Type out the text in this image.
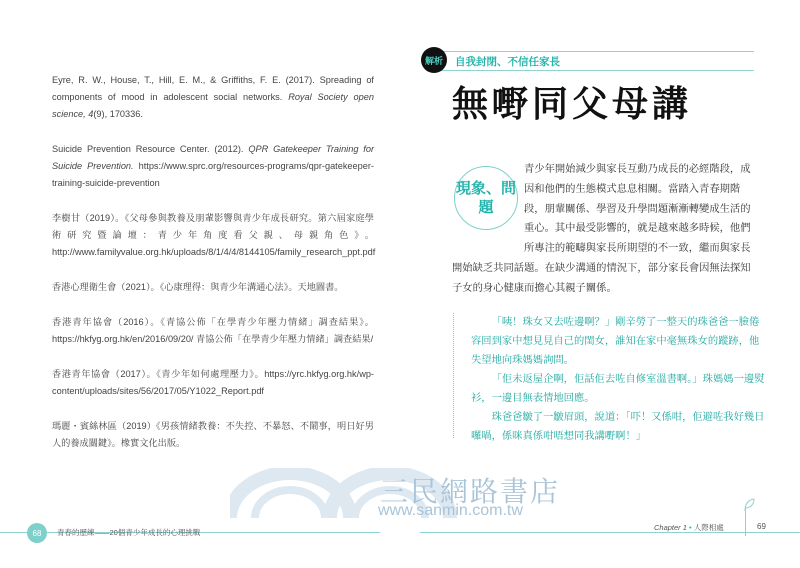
Eyre, R. W., House, T., Hill, E. M., & Griffiths, F. E. (2017). Spreading of components of mood in adolescent social networks. Royal Society open science, 4(9), 170336.

Suicide Prevention Resource Center. (2012). QPR Gatekeeper Training for Suicide Prevention. https://www.sprc.org/resources-programs/qpr-gatekeeper-training-suicide-prevention

李樹甘（2019）。《父母參與教養及朋輩影響與青少年成長研究。第六屆家庭學術研究暨論壇：青少年角度看父親、母親角色》。http://www.familyvalue.org.hk/uploads/8/1/4/4/8144105/family_research_ppt.pdf

香港心理衛生會（2021）。《心康理得：與青少年溝通心法》。天地圖書。

香港青年協會（2016）。《青協公佈「在學青少年壓力情緒」調查結果》。https://hkfyg.org.hk/en/2016/09/20/ 青協公佈「在學青少年壓力情緒」調查結果/

香港青年協會（2017）。《青少年如何處理壓力》。https://yrc.hkfyg.org.hk/wp-content/uploads/sites/56/2017/05/Y1022_Report.pdf

瑪麗・賓絲林區（2019）《男孩情緒教養：不失控、不暴怒、不鬧事，明日好男人的養成關鍵》。橡實文化出版。

解析	自我封閉、不信任家長
無嘢同父母講
青少年開始減少與家長互動乃成長的必經階段，成因和他們的生態模式息息相關。當踏入青春期階段，朋輩關係、學習及升學問題漸漸轉變成生活的重心。其中最受影響的，就是越來越多時候，他們所專注的範疇與家長所期望的不一致，繼而與家長開始缺乏共同話題。在缺少溝通的情況下，部分家長會因無法探知子女的身心健康而擔心其親子關係。
現象、問題

「咦！珠女又去咗邊啊？」剛辛勞了一整天的珠爸爸一臉倦容回到家中想見見自己的閨女，誰知在家中毫無珠女的蹤跡，他失望地向珠媽媽詢問。

「佢未返屋企啊，佢話佢去咗自修室溫書啊。」珠媽媽一邊熨衫，一邊目無表情地回應。

珠爸爸皺了一皺眉頭，說道：「吓！又係咁，佢避咗我好幾日囉喎，係咪真係咁唔想同我講嘢啊！」

三民網路書店
www.sanmin.com.tw
68	青春的歷練——20個青少年成長的心理挑戰
Chapter 1 • 人際相處	69
